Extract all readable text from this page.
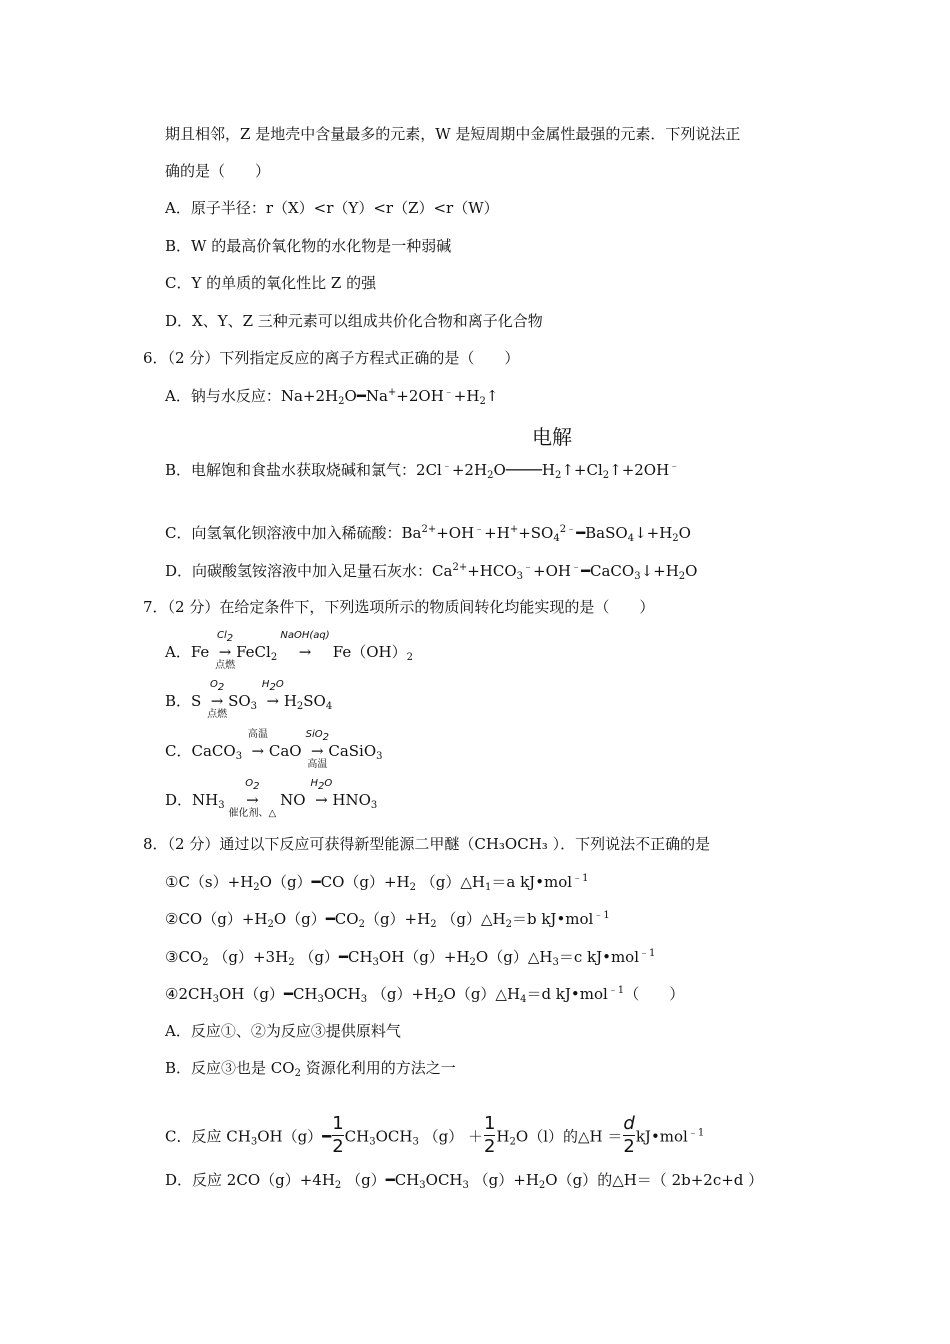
期且相邻，Z 是地壳中含量最多的元素，W 是短周期中金属性最强的元素．下列说法正
确的是（　　）
A．原子半径：r（X）<r（Y）<r（Z）<r（W）
B．W 的最高价氧化物的水化物是一种弱碱
C．Y 的单质的氧化性比 Z 的强
D．X、Y、Z 三种元素可以组成共价化合物和离子化合物
6．（2 分）下列指定反应的离子方程式正确的是（　　）
A．钠与水反应：$Na+2H_2O━Na^++2OH^﹣+H_2↑$
电解
B．电解饱和食盐水获取烧碱和氯气：$2Cl^﹣+2H_2O────H_2↑+Cl_2↑+2OH^﹣$
C．向氢氧化钡溶液中加入稀硫酸：$Ba^{2+}+OH^﹣+H^++SO_4^{2﹣}━BaSO_4↓+H_2O$
D．向碳酸氢铵溶液中加入足量石灰水：$Ca^{2+}+HCO_3^﹣+OH^﹣━CaCO_3↓+H_2O$
7．（2 分）在给定条件下，下列选项所示的物质间转化均能实现的是（　　）
A．Fe
$Cl_2$
→
点燃
FeCl$_2$
NaOH(aq)
→ $Fe(OH)_2$
B．S
$O_2$
→
点燃
$SO_3$
$H_2O$
→ $H_2SO_4$
C．CaCO$_3$
高温
→ CaO
SiO$_2$
→
高温
CaSiO$_3$
D．$NH_3$
$O_2$
→
催化剂、△
NO
$H_2O$
→ $HNO_3$
8．（2 分）通过以下反应可获得新型能源二甲醚（CH₃OCH₃ ）．下列说法不正确的是
$①C(s)+H_2O(g)━CO(g)+H_2$ $(g)\triangle H_1=a$ kJ•mol$^{﹣1}$
$②CO(g)+H_2O(g)━CO_2(g)+H_2$ $(g)\triangle H_2=b$ kJ•mol$^{﹣1}$
$③CO_2$ $(g)+3H_2$ $(g)━CH_3OH(g)+H_2O(g)\triangle H_3=c$ kJ•mol$^{﹣1}$
$④2CH_3OH(g)━CH_3OCH_3$ $(g)+H_2O(g)\triangle H_4=d$ kJ•mol$^{﹣1}$（　　）
A．反应①、②为反应③提供原料气
B．反应③也是 $CO_2$ 资源化利用的方法之一
C．反应 $CH_3OH(g)━ \frac{1}{2} CH_3OCH_3$ $(g) + \frac{1}{2} H_2O(l)$的△H ＝ $\frac{d}{2}$ kJ•mol$^{﹣1}$
D．反应 $2CO(g)+4H_2$ $(g)━CH_3OCH_3$ $(g)+H_2O(g)$的△H＝（ 2b+2c+d ）
